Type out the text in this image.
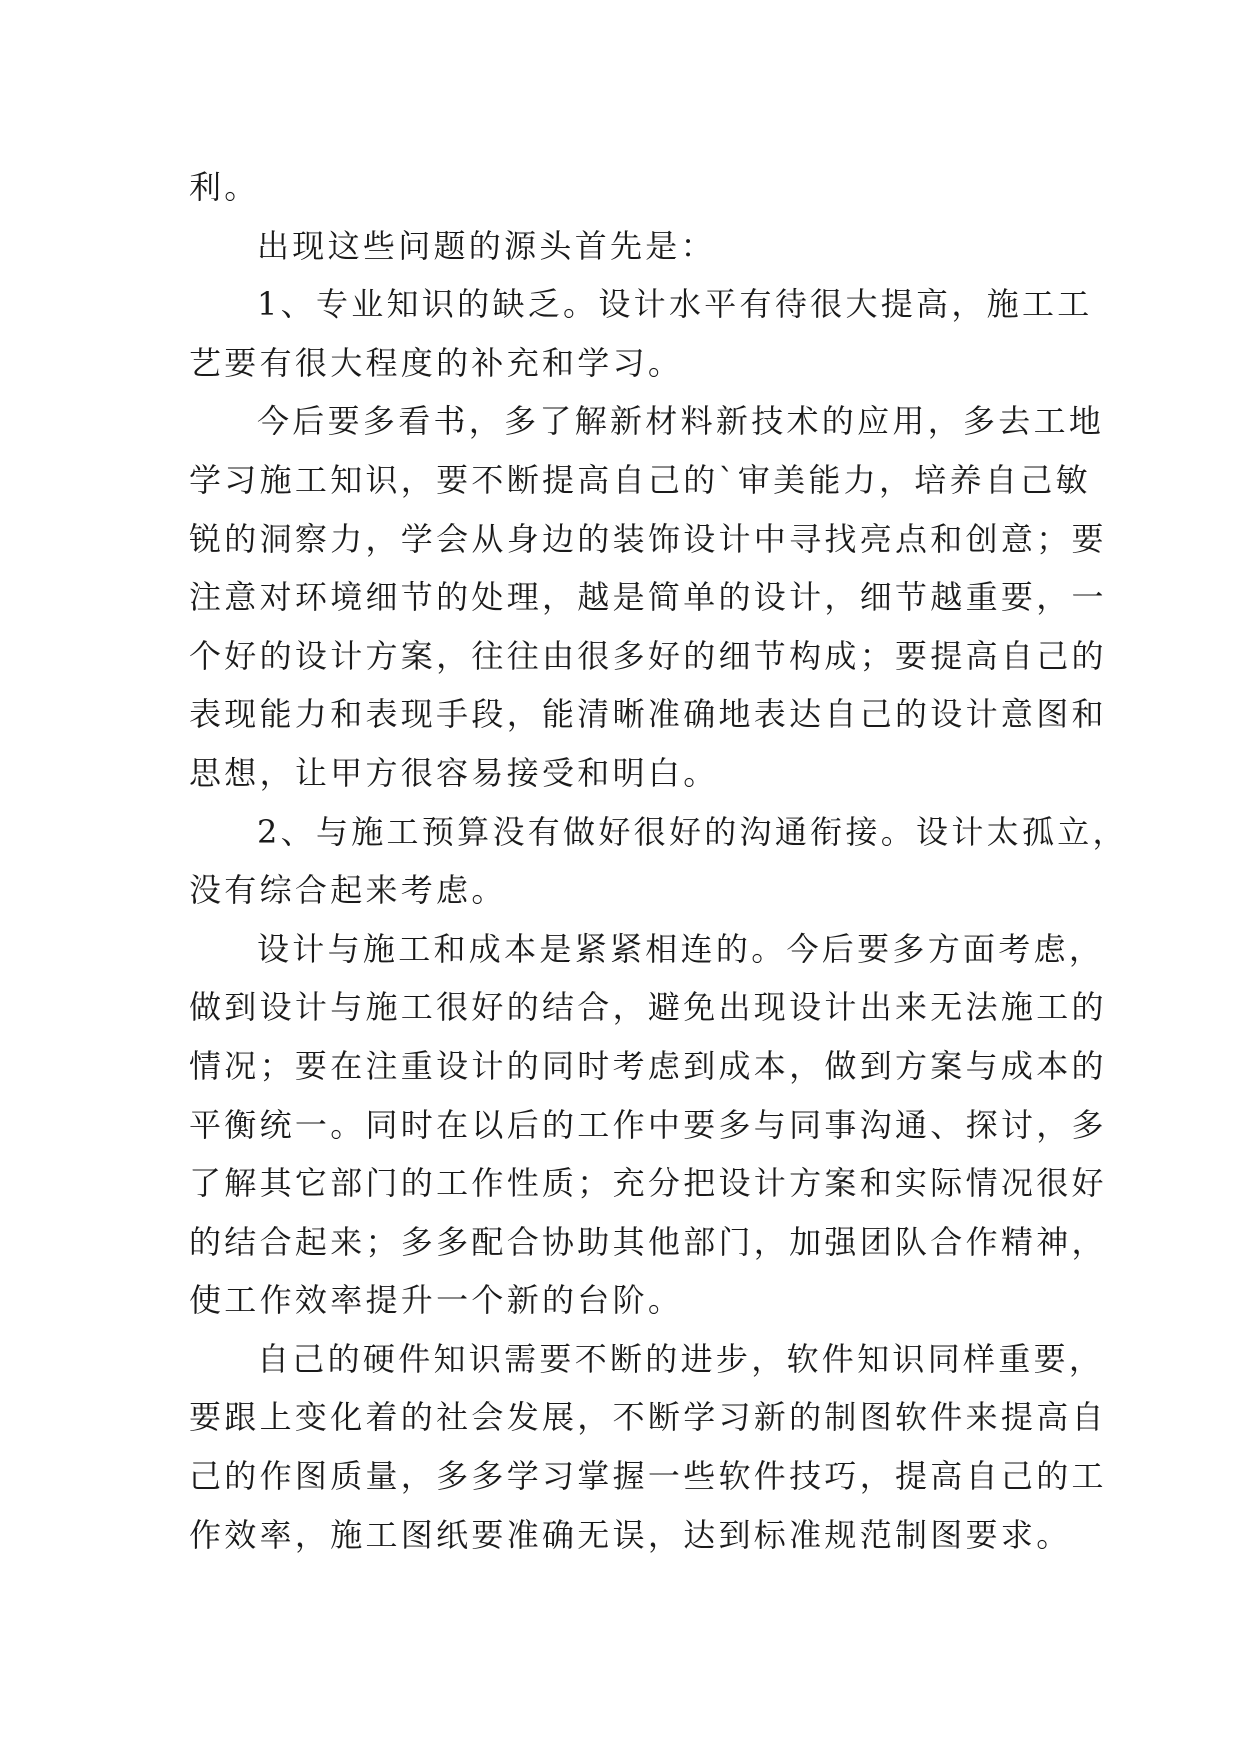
利。
出现这些问题的源头首先是：
1、专业知识的缺乏。设计水平有待很大提高，施工工
艺要有很大程度的补充和学习。
今后要多看书，多了解新材料新技术的应用，多去工地
学习施工知识，要不断提高自己的`审美能力，培养自己敏
锐的洞察力，学会从身边的装饰设计中寻找亮点和创意；要
注意对环境细节的处理，越是简单的设计，细节越重要，一
个好的设计方案，往往由很多好的细节构成；要提高自己的
表现能力和表现手段，能清晰准确地表达自己的设计意图和
思想，让甲方很容易接受和明白。
2、与施工预算没有做好很好的沟通衔接。设计太孤立，
没有综合起来考虑。
设计与施工和成本是紧紧相连的。今后要多方面考虑，
做到设计与施工很好的结合，避免出现设计出来无法施工的
情况；要在注重设计的同时考虑到成本，做到方案与成本的
平衡统一。同时在以后的工作中要多与同事沟通、探讨，多
了解其它部门的工作性质；充分把设计方案和实际情况很好
的结合起来；多多配合协助其他部门，加强团队合作精神，
使工作效率提升一个新的台阶。
自己的硬件知识需要不断的进步，软件知识同样重要，
要跟上变化着的社会发展，不断学习新的制图软件来提高自
己的作图质量，多多学习掌握一些软件技巧，提高自己的工
作效率，施工图纸要准确无误，达到标准规范制图要求。
